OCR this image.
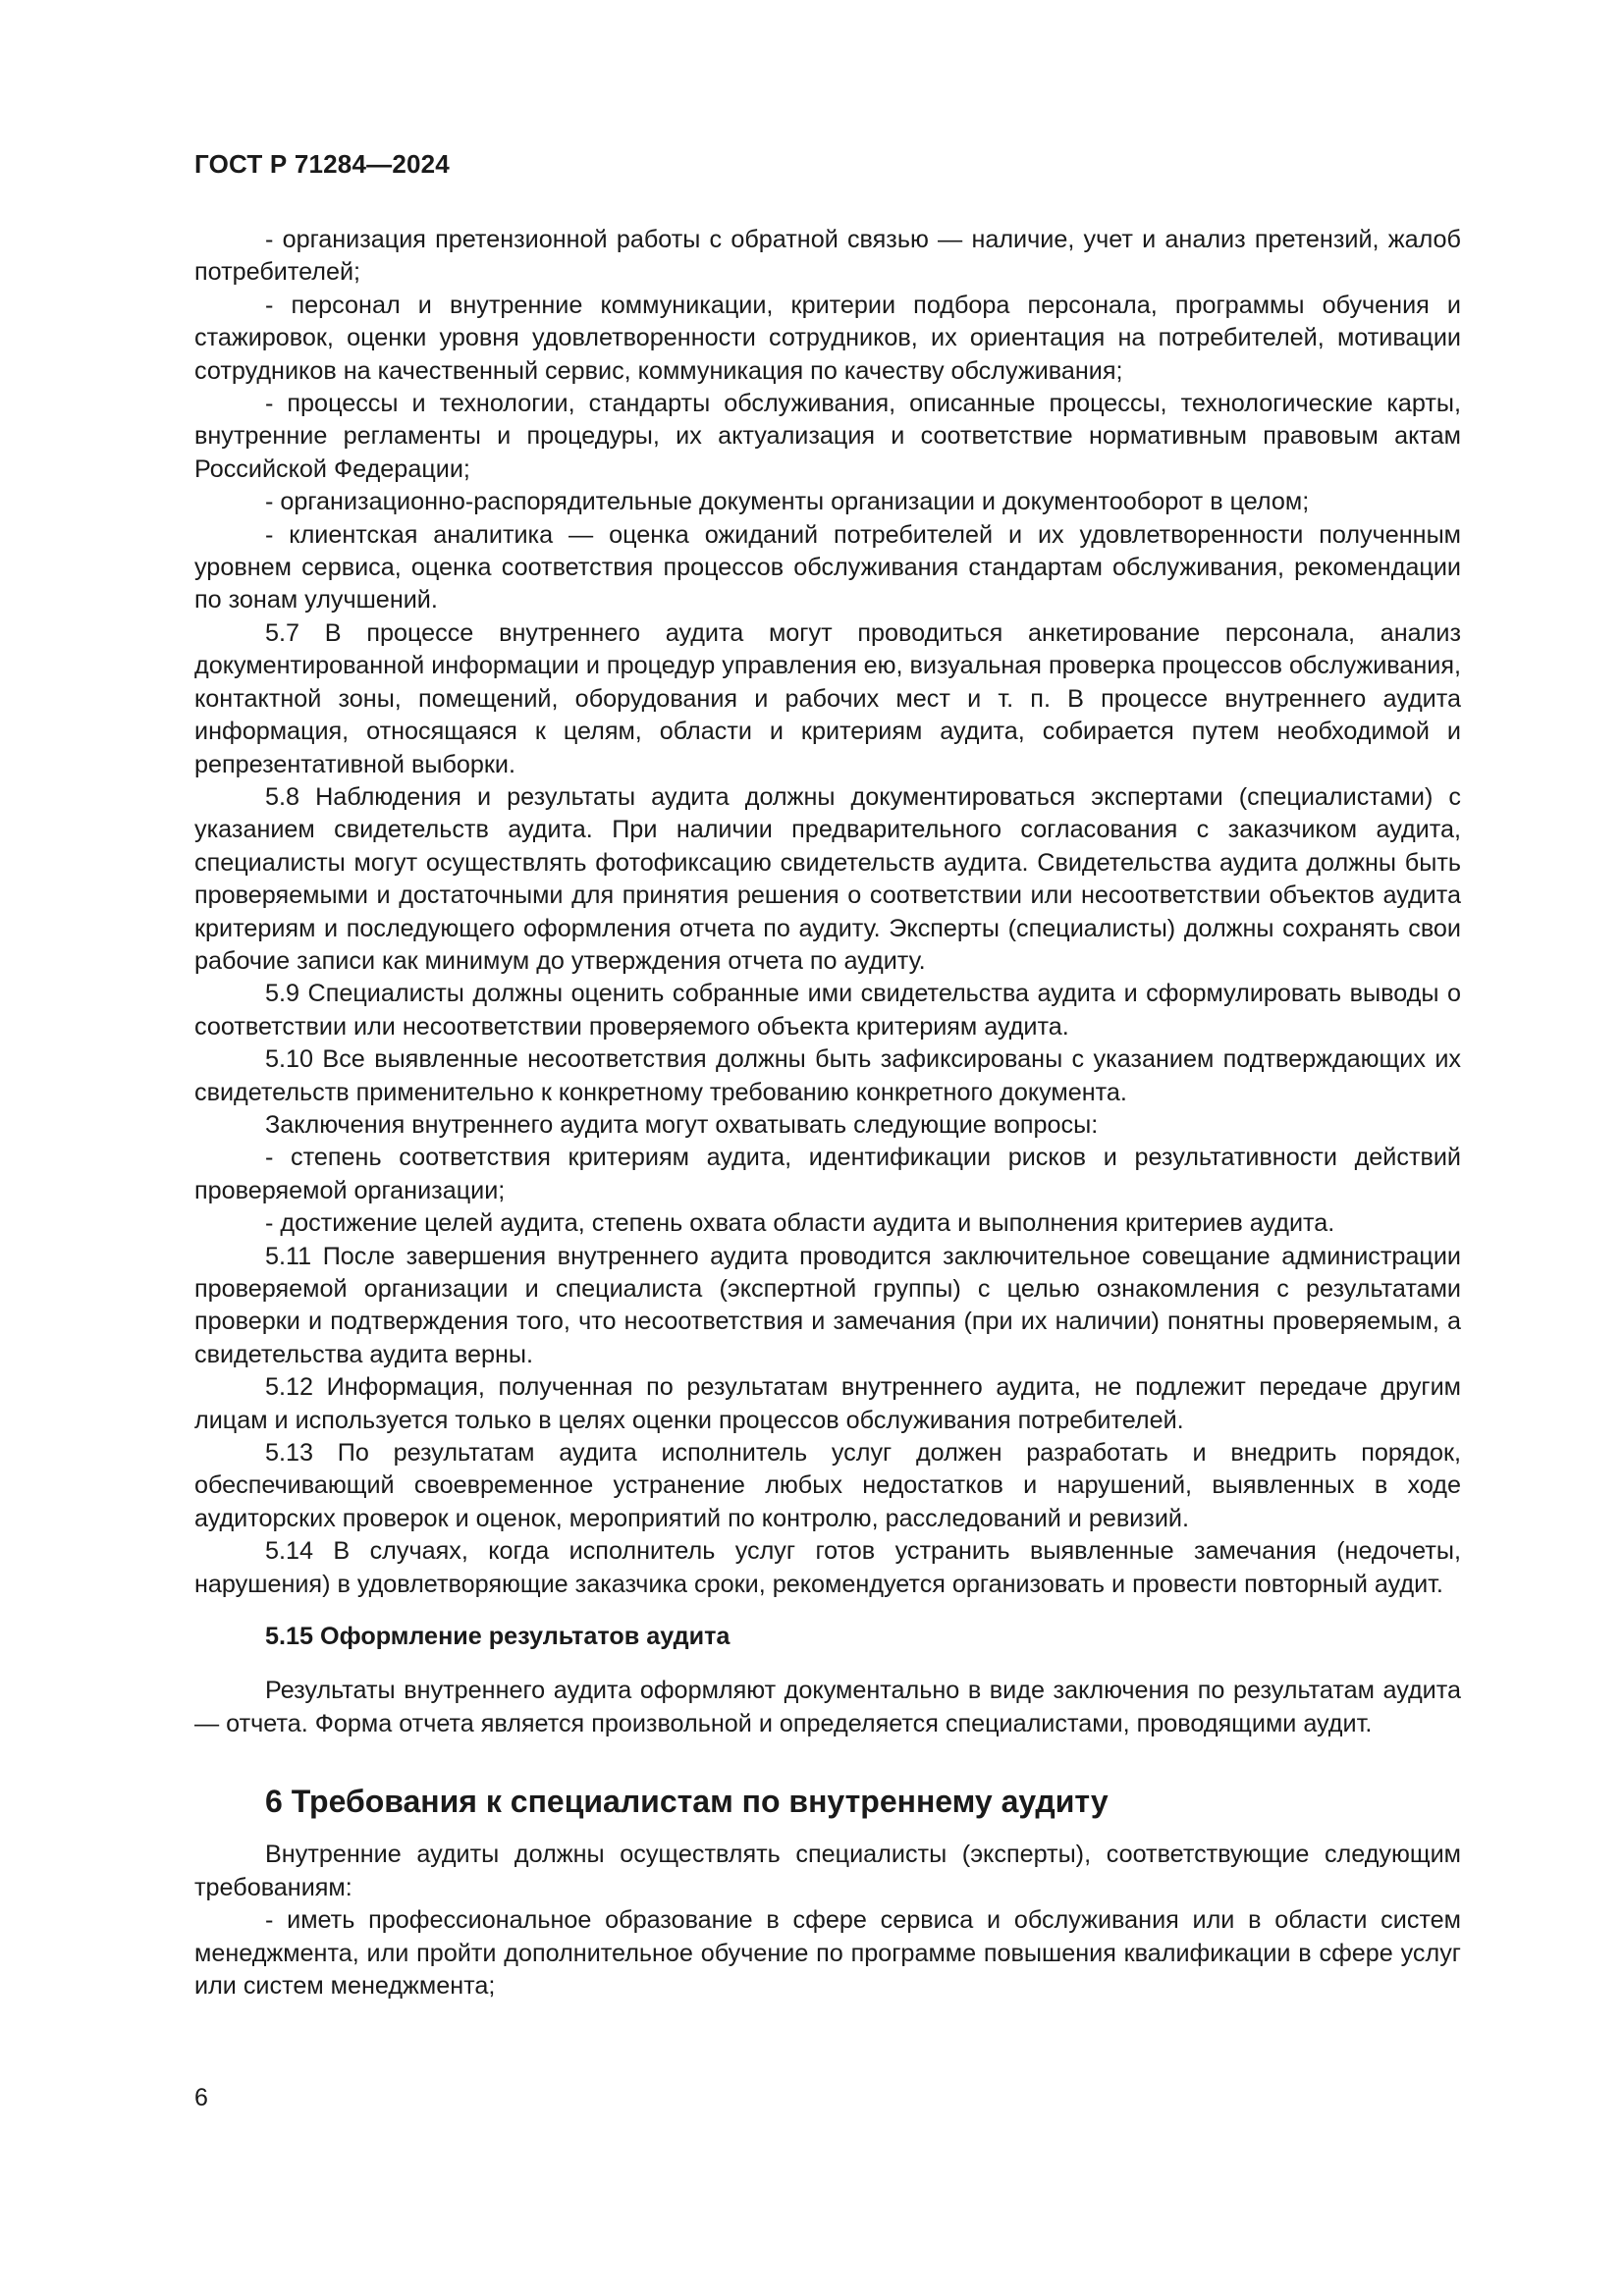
ГОСТ Р 71284—2024

- организация претензионной работы с обратной связью — наличие, учет и анализ претензий, жалоб потребителей;

- персонал и внутренние коммуникации, критерии подбора персонала, программы обучения и стажировок, оценки уровня удовлетворенности сотрудников, их ориентация на потребителей, мотивации сотрудников на качественный сервис, коммуникация по качеству обслуживания;

- процессы и технологии, стандарты обслуживания, описанные процессы, технологические карты, внутренние регламенты и процедуры, их актуализация и соответствие нормативным правовым актам Российской Федерации;

- организационно-распорядительные документы организации и документооборот в целом;

- клиентская аналитика — оценка ожиданий потребителей и их удовлетворенности полученным уровнем сервиса, оценка соответствия процессов обслуживания стандартам обслуживания, рекомендации по зонам улучшений.

5.7 В процессе внутреннего аудита могут проводиться анкетирование персонала, анализ документированной информации и процедур управления ею, визуальная проверка процессов обслуживания, контактной зоны, помещений, оборудования и рабочих мест и т. п. В процессе внутреннего аудита информация, относящаяся к целям, области и критериям аудита, собирается путем необходимой и репрезентативной выборки.

5.8 Наблюдения и результаты аудита должны документироваться экспертами (специалистами) с указанием свидетельств аудита. При наличии предварительного согласования с заказчиком аудита, специалисты могут осуществлять фотофиксацию свидетельств аудита. Свидетельства аудита должны быть проверяемыми и достаточными для принятия решения о соответствии или несоответствии объектов аудита критериям и последующего оформления отчета по аудиту. Эксперты (специалисты) должны сохранять свои рабочие записи как минимум до утверждения отчета по аудиту.

5.9 Специалисты должны оценить собранные ими свидетельства аудита и сформулировать выводы о соответствии или несоответствии проверяемого объекта критериям аудита.

5.10 Все выявленные несоответствия должны быть зафиксированы с указанием подтверждающих их свидетельств применительно к конкретному требованию конкретного документа.

Заключения внутреннего аудита могут охватывать следующие вопросы:

- степень соответствия критериям аудита, идентификации рисков и результативности действий проверяемой организации;

- достижение целей аудита, степень охвата области аудита и выполнения критериев аудита.

5.11 После завершения внутреннего аудита проводится заключительное совещание администрации проверяемой организации и специалиста (экспертной группы) с целью ознакомления с результатами проверки и подтверждения того, что несоответствия и замечания (при их наличии) понятны проверяемым, а свидетельства аудита верны.

5.12 Информация, полученная по результатам внутреннего аудита, не подлежит передаче другим лицам и используется только в целях оценки процессов обслуживания потребителей.

5.13 По результатам аудита исполнитель услуг должен разработать и внедрить порядок, обеспечивающий своевременное устранение любых недостатков и нарушений, выявленных в ходе аудиторских проверок и оценок, мероприятий по контролю, расследований и ревизий.

5.14 В случаях, когда исполнитель услуг готов устранить выявленные замечания (недочеты, нарушения) в удовлетворяющие заказчика сроки, рекомендуется организовать и провести повторный аудит.

5.15 Оформление результатов аудита

Результаты внутреннего аудита оформляют документально в виде заключения по результатам аудита — отчета. Форма отчета является произвольной и определяется специалистами, проводящими аудит.

6 Требования к специалистам по внутреннему аудиту

Внутренние аудиты должны осуществлять специалисты (эксперты), соответствующие следующим требованиям:

- иметь профессиональное образование в сфере сервиса и обслуживания или в области систем менеджмента, или пройти дополнительное обучение по программе повышения квалификации в сфере услуг или систем менеджмента;

6
